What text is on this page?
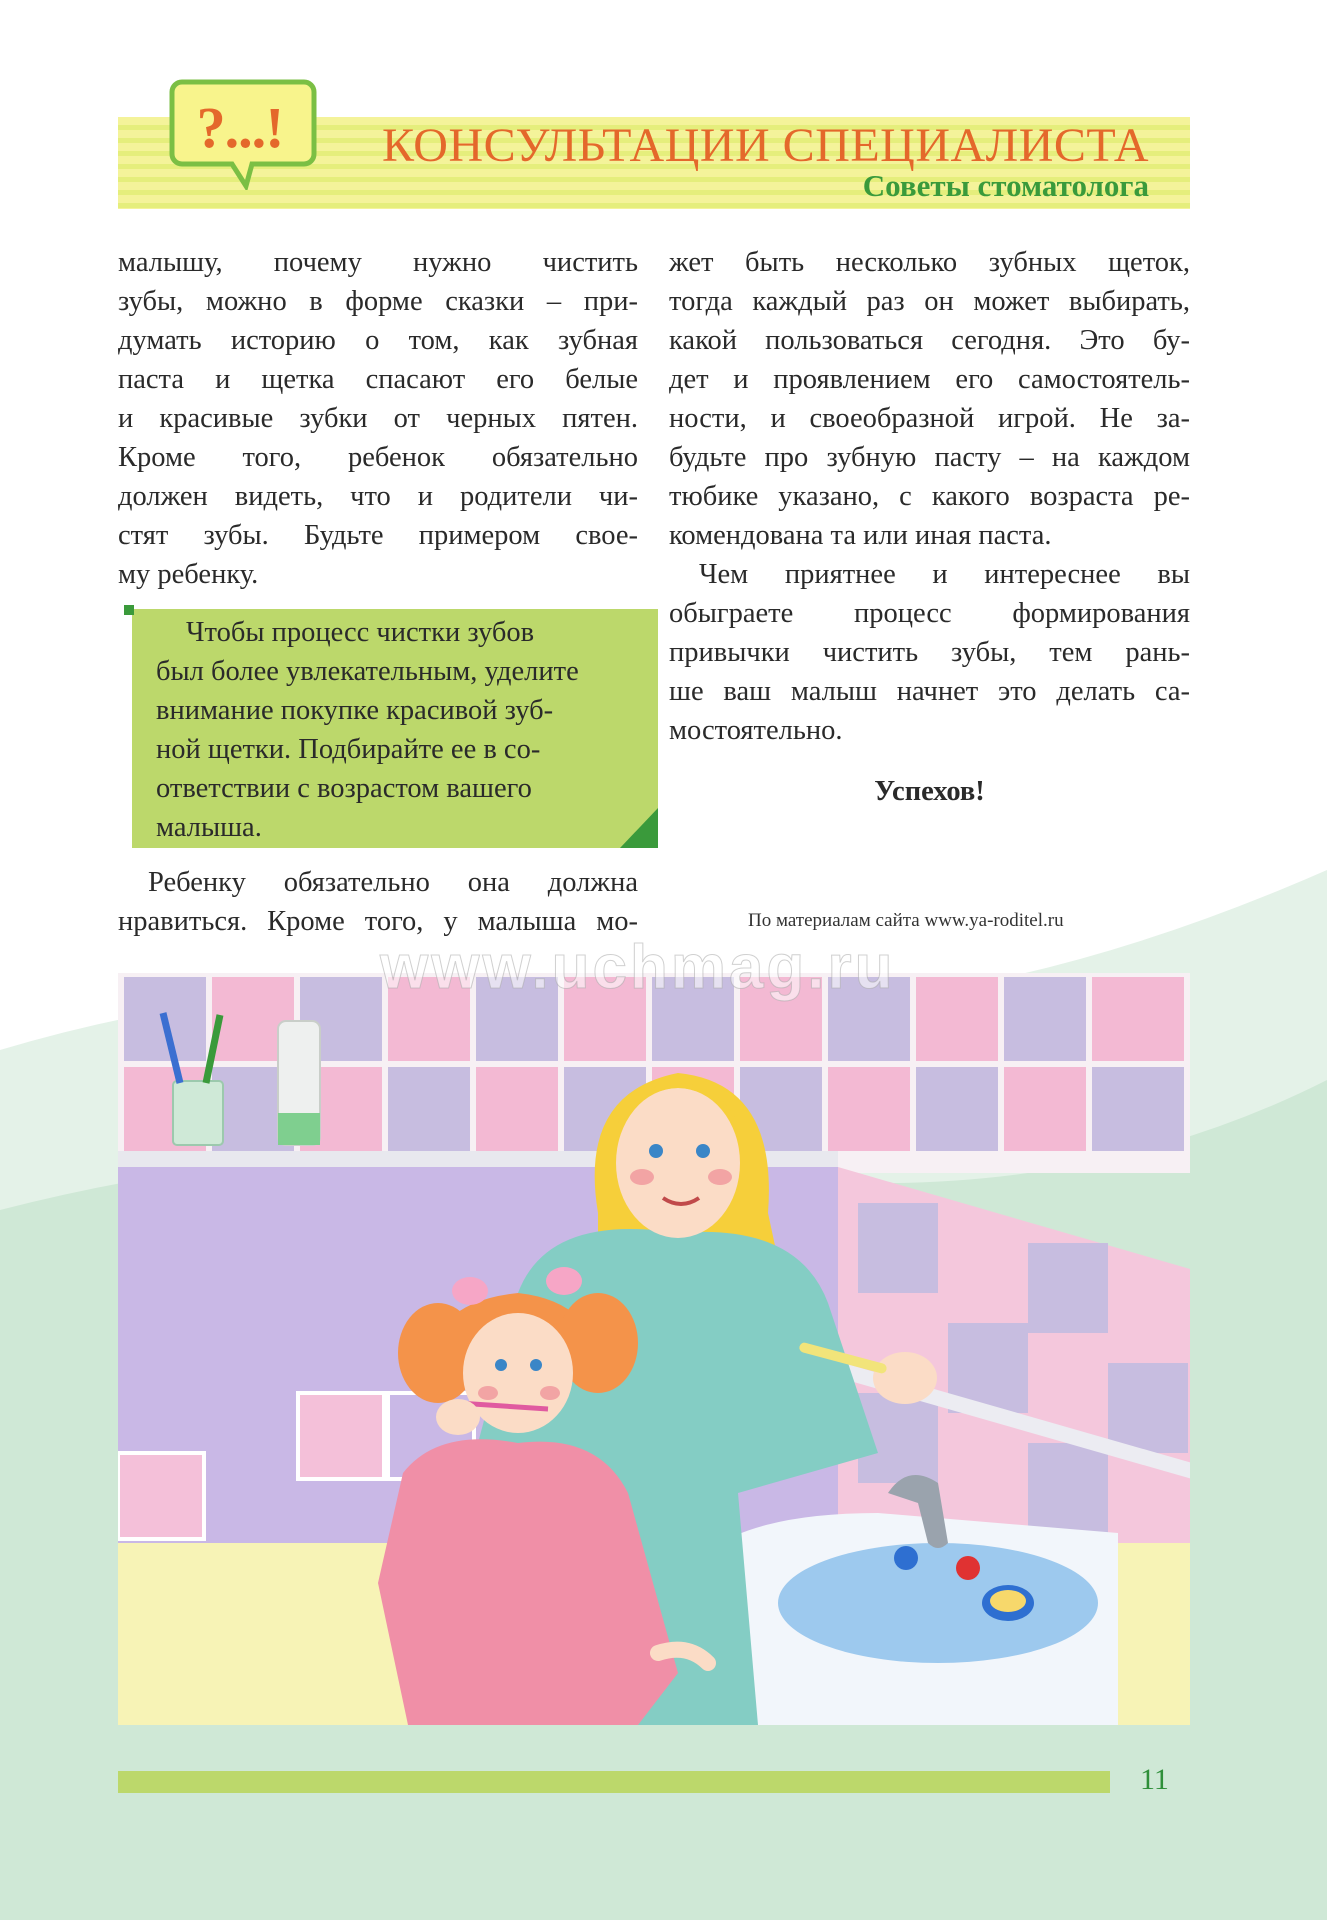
?...!	КОНСУЛЬТАЦИИ СПЕЦИАЛИСТА
Советы стоматолога

малышу, почему нужно чистить

зубы, можно в форме сказки – при-

думать историю о том, как зубная

паста и щетка спасают его белые

и красивые зубки от черных пятен.

Кроме того, ребенок обязательно

должен видеть, что и родители чи-

стят зубы. Будьте примером свое-

му ребенку.

Чтобы процесс чистки зубов

был более увлекательным, уделите

внимание покупке красивой зуб-

ной щетки. Подбирайте ее в со-

ответствии с возрастом вашего

малыша.

Ребенку обязательно она должна

нравиться. Кроме того, у малыша мо-

жет быть несколько зубных щеток,

тогда каждый раз он может выбирать,

какой пользоваться сегодня. Это бу-

дет и проявлением его самостоятель-

ности, и своеобразной игрой. Не за-

будьте про зубную пасту – на каждом

тюбике указано, с какого возраста ре-

комендована та или иная паста.

Чем приятнее и интереснее вы

обыграете процесс формирования

привычки чистить зубы, тем рань-

ше ваш малыш начнет это делать са-

мостоятельно.

Успехов!
По материалам сайта www.ya-roditel.ru
www.uchmag.ru
11
